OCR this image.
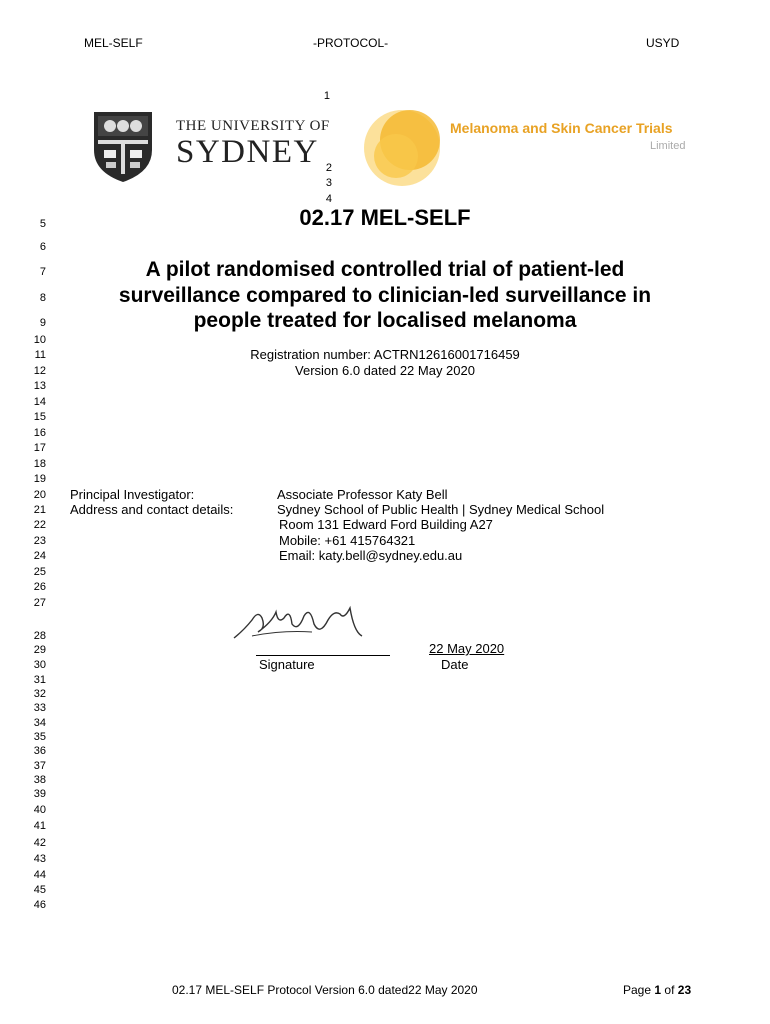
MEL-SELF	-PROTOCOL-	USYD
THE UNIVERSITY OF
SYDNEY
Melanoma and Skin Cancer Trials
Limited
1
2
3
4
5
6
7
8
9
10
11
12
13
14
15
16
17
18
19
20
21
22
23
24
25
26
27
28
29
30
31
32
33
34
35
36
37
38
39
40
41
42
43
44
45
46
02.17 MEL-SELF
A pilot randomised controlled trial of patient-led
surveillance compared to clinician-led surveillance in
people treated for localised melanoma
Registration number: ACTRN12616001716459
Version 6.0 dated 22 May 2020
Principal Investigator:	Associate Professor Katy Bell
Address and contact details:	Sydney School of Public Health | Sydney Medical School
Room 131 Edward Ford Building A27
Mobile: +61 415764321
Email: katy.bell@sydney.edu.au
Signature
22 May 2020
Date
02.17 MEL-SELF Protocol Version 6.0 dated22 May 2020	Page 1 of 23
